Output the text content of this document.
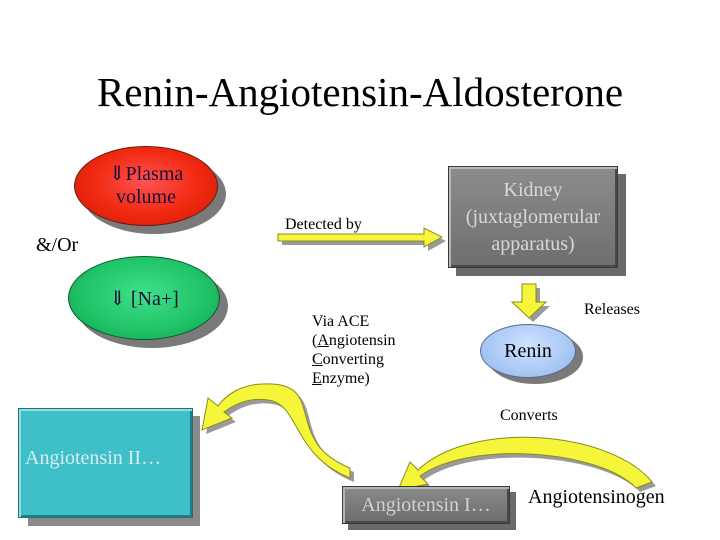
Renin-Angiotensin-Aldosterone
⇓Plasma
volume
&/Or
⇓ [Na+]
Detected by
Kidney
(juxtaglomerular
apparatus)
Releases
Via ACE
(Angiotensin
Converting
Enzyme)
Renin
Converts
Angiotensin II…
Angiotensin I… Angiotensinogen
